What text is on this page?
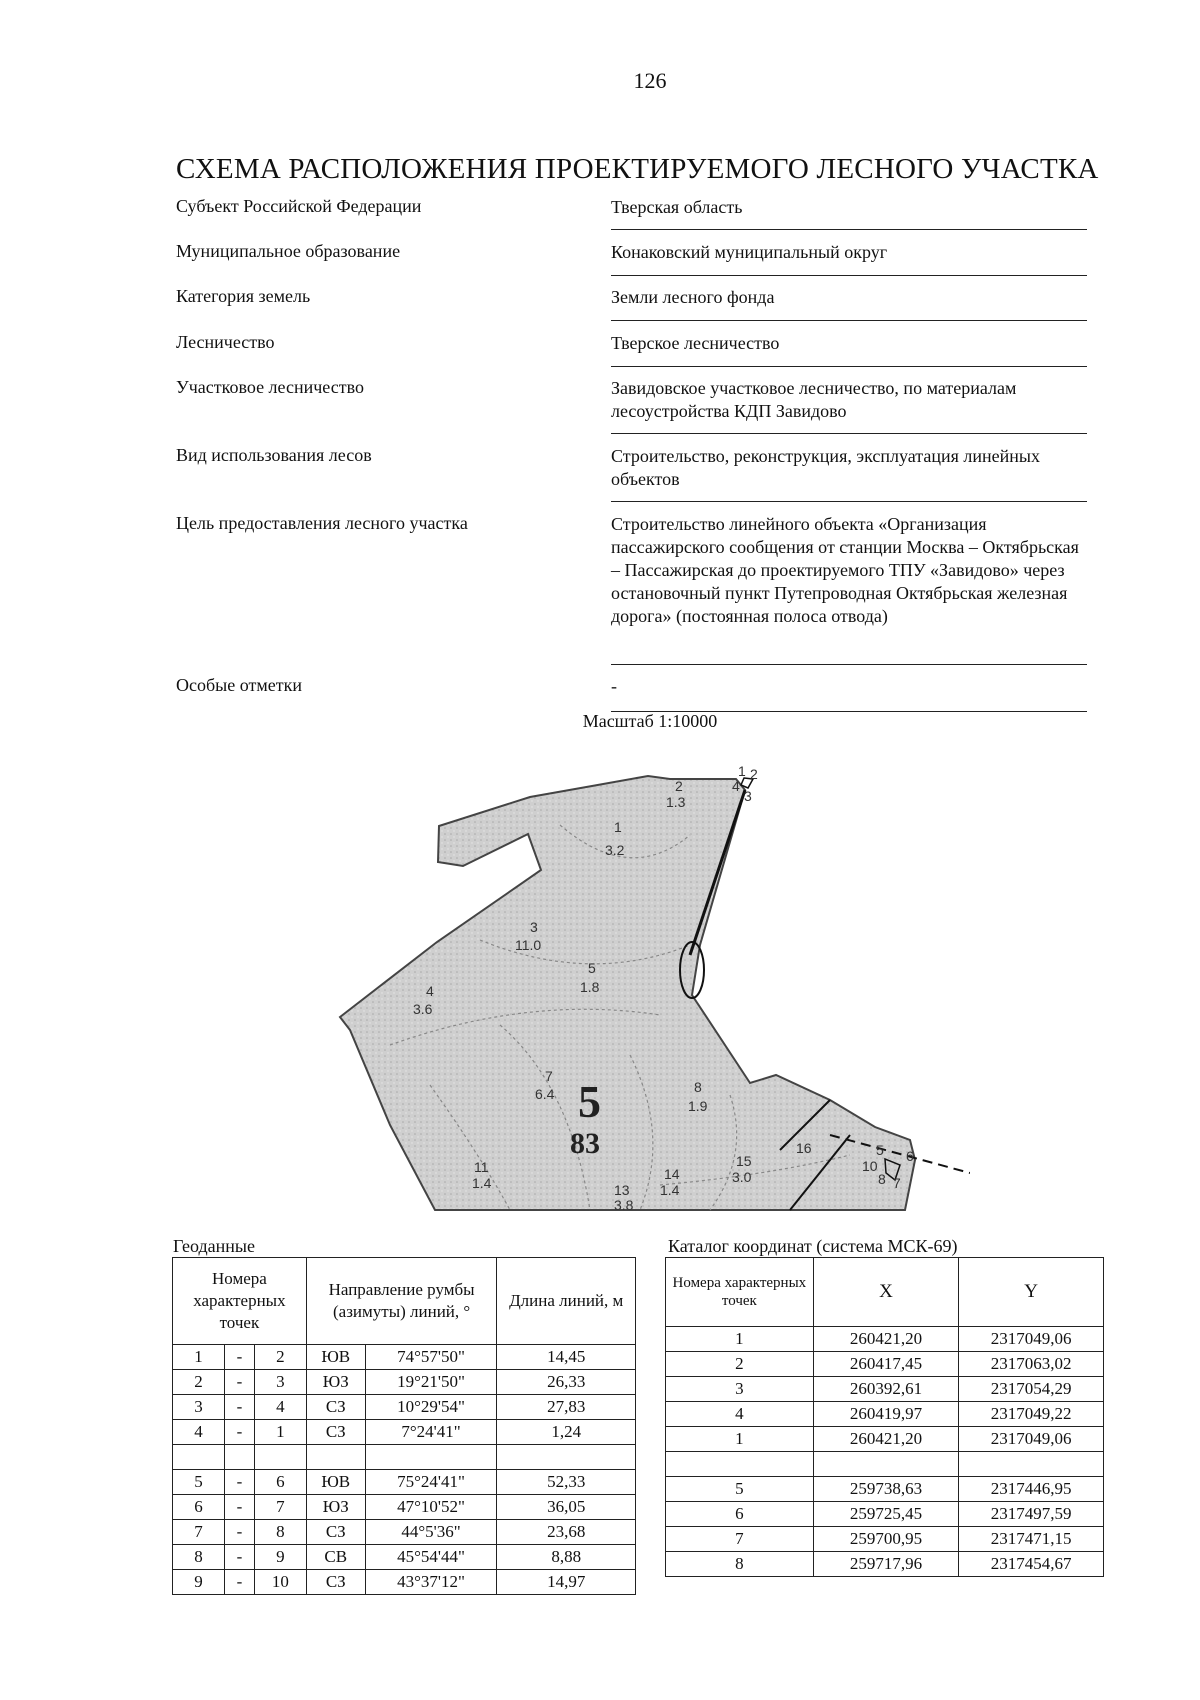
126
СХЕМА РАСПОЛОЖЕНИЯ ПРОЕКТИРУЕМОГО ЛЕСНОГО УЧАСТКА
Субъект Российской Федерации	Тверская область
Муниципальное образование	Конаковский муниципальный округ
Категория земель	Земли лесного фонда
Лесничество	Тверское лесничество
Участковое лесничество	Завидовское участковое лесничество, по материалам лесоустройства КДП Завидово
Вид использования лесов	Строительство, реконструкция, эксплуатация линейных объектов
Цель предоставления лесного участка	Строительство линейного объекта «Организация пассажирского сообщения от станции Москва – Октябрьская – Пассажирская до проектируемого ТПУ «Завидово» через остановочный пункт Путепроводная Октябрьская железная дорога» (постоянная полоса отвода)
Особые отметки	-
Масштаб 1:10000
2
1.3
1
3.2
3
11.0
5
1.8
4
3.6
7
6.4	8
1.9
5
83
11
1.4	13
3.8
14
1.4
15
3.0
16
1 2
3
4
5 6
7
8
10
Геоданные
Номера характерных точек			Направление румбы (азимуты) линий, °		Длина линий, м
1	-	2	ЮВ	74°57'50"	14,45
2	-	3	ЮЗ	19°21'50"	26,33
3	-	4	СЗ	10°29'54"	27,83
4	-	1	СЗ	7°24'41"	1,24

5	-	6	ЮВ	75°24'41"	52,33
6	-	7	ЮЗ	47°10'52"	36,05
7	-	8	СЗ	44°5'36"	23,68
8	-	9	СВ	45°54'44"	8,88
9	-	10	СЗ	43°37'12"	14,97
Каталог координат (система МСК-69)
Номера характерных точек	X	Y
1	260421,20	2317049,06
2	260417,45	2317063,02
3	260392,61	2317054,29
4	260419,97	2317049,22
1	260421,20	2317049,06

5	259738,63	2317446,95
6	259725,45	2317497,59
7	259700,95	2317471,15
8	259717,96	2317454,67
